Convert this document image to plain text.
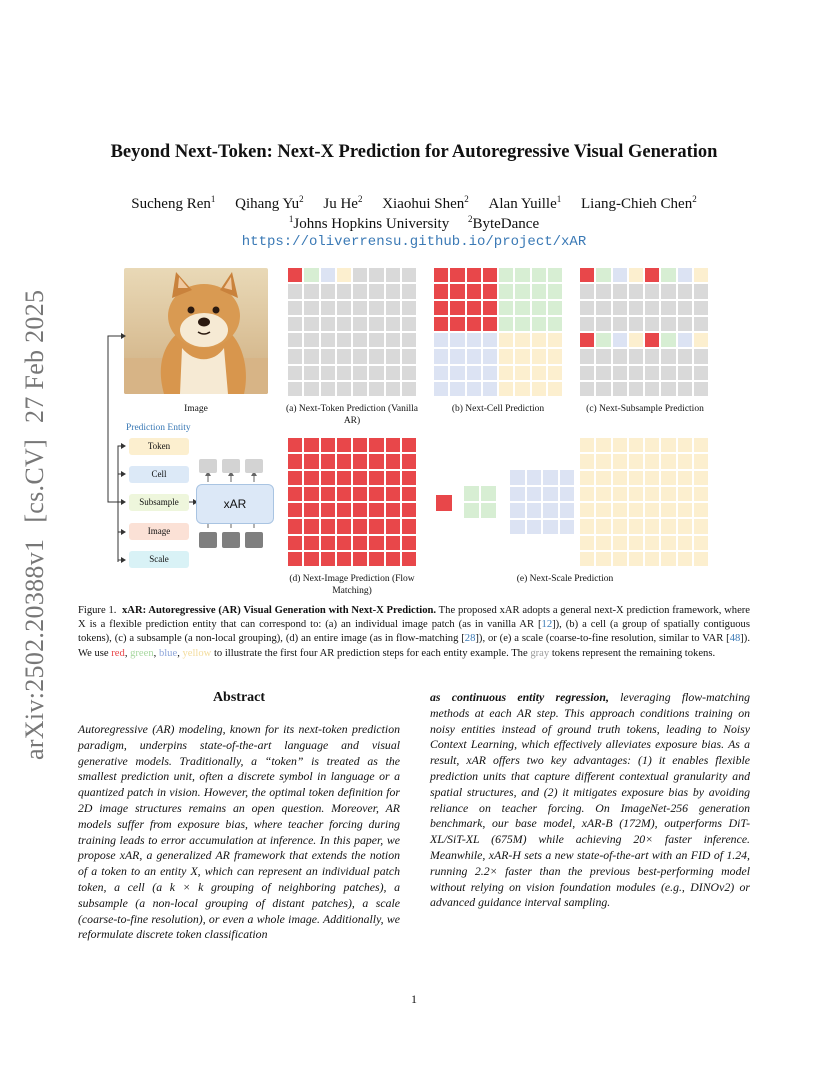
arXiv:2502.20388v1[cs.CV]27 Feb 2025
Beyond Next-Token: Next-X Prediction for Autoregressive Visual Generation
Sucheng Ren$^1$ Qihang Yu$^2$ Ju He$^2$ Xiaohui Shen$^2$ Alan Yuille$^1$ Liang-Chieh Chen$^2$
$^1$Johns Hopkins University $^2$ByteDance
https://oliverrensu.github.io/project/xAR
Image	(a) Next-Token Prediction (Vanilla AR)
(b) Next-Cell Prediction	(c) Next-Subsample Prediction
(d) Next-Image Prediction (Flow Matching)
(e) Next-Scale Prediction
Prediction Entity
Token
Cell
Subsample
Image
Scale
xAR
Figure 1. xAR: Autoregressive (AR) Visual Generation with Next-X Prediction. The proposed xAR adopts a general next-X prediction framework, where X is a flexible prediction entity that can correspond to: (a) an individual image patch (as in vanilla AR [12]), (b) a cell (a group of spatially contiguous tokens), (c) a subsample (a non-local grouping), (d) an entire image (as in flow-matching [28]), or (e) a scale (coarse-to-fine resolution, similar to VAR [48]). We use red, green, blue, yellow to illustrate the first four AR prediction steps for each entity example. The gray tokens represent the remaining tokens.
Abstract
Autoregressive (AR) modeling, known for its next-token prediction paradigm, underpins state-of-the-art language and visual generative models. Traditionally, a “token” is treated as the smallest prediction unit, often a discrete symbol in language or a quantized patch in vision. However, the optimal token definition for 2D image structures remains an open question. Moreover, AR models suffer from exposure bias, where teacher forcing during training leads to error accumulation at inference. In this paper, we propose xAR, a generalized AR framework that extends the notion of a token to an entity X, which can represent an individual patch token, a cell (a k × k grouping of neighboring patches), a subsample (a non-local grouping of distant patches), a scale (coarse-to-fine resolution), or even a whole image. Additionally, we reformulate discrete token classification
as continuous entity regression, leveraging flow-matching methods at each AR step. This approach conditions training on noisy entities instead of ground truth tokens, leading to Noisy Context Learning, which effectively alleviates exposure bias. As a result, xAR offers two key advantages: (1) it enables flexible prediction units that capture different contextual granularity and spatial structures, and (2) it mitigates exposure bias by avoiding reliance on teacher forcing. On ImageNet-256 generation benchmark, our base model, xAR-B (172M), outperforms DiT-XL/SiT-XL (675M) while achieving 20× faster inference. Meanwhile, xAR-H sets a new state-of-the-art with an FID of 1.24, running 2.2× faster than the previous best-performing model without relying on vision foundation modules (e.g., DINOv2) or advanced guidance interval sampling.
1
